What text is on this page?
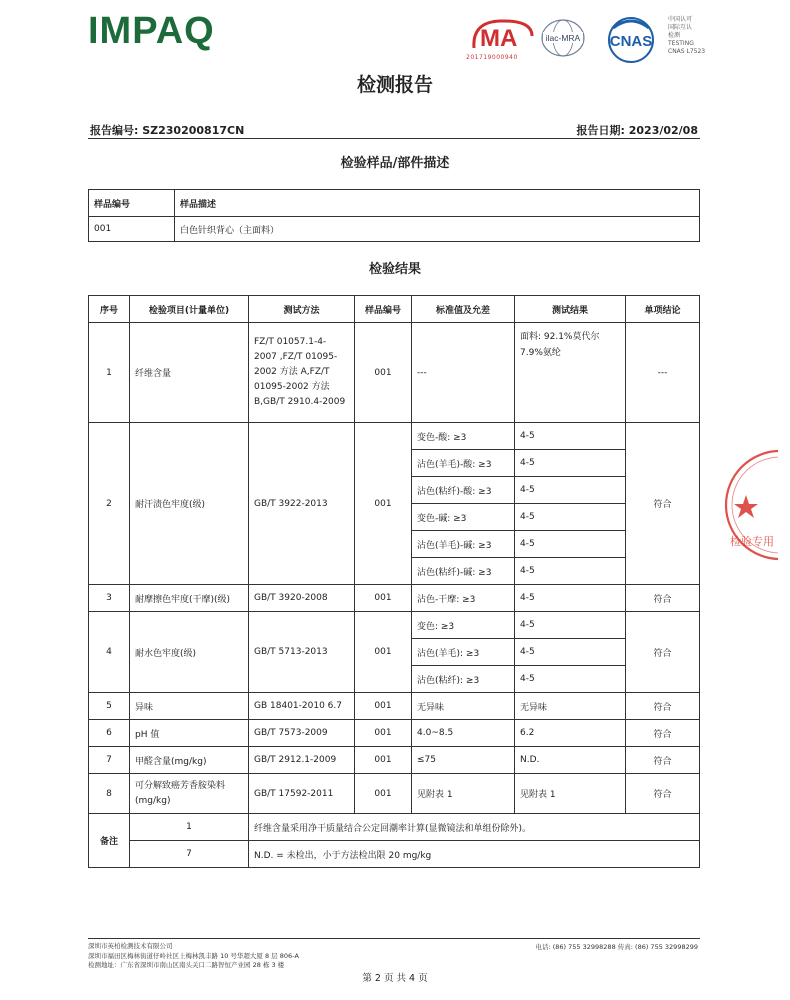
IMPAQ	MA
201719000940
ilac-MRA CNAS
中国认可
国际互认
检测
TESTING
CNAS L7523
检测报告
报告编号: SZ230200817CN	报告日期: 2023/02/08
检验样品/部件描述
样品编号	样品描述
001	白色针织背心（主面料）
检验结果
序号	检验项目(计量单位)	测试方法	样品编号	标准值及允差	测试结果	单项结论
1	纤维含量	FZ/T 01057.1-4-2007 ,FZ/T 01095-2002 方法 A,FZ/T 01095-2002 方法 B,GB/T 2910.4-2009	001	---	面料: 92.1%莫代尔 7.9%氨纶	---
2	耐汗渍色牢度(级)	GB/T 3922-2013	001	变色-酸: ≥3	4-5	符合
				沾色(羊毛)-酸: ≥3	4-5	
				沾色(粘纤)-酸: ≥3	4-5	
				变色-碱: ≥3	4-5	
				沾色(羊毛)-碱: ≥3	4-5	
				沾色(粘纤)-碱: ≥3	4-5	
3	耐摩擦色牢度(干摩)(级)	GB/T 3920-2008	001	沾色-干摩: ≥3	4-5	符合
4	耐水色牢度(级)	GB/T 5713-2013	001	变色: ≥3	4-5	符合
				沾色(羊毛): ≥3	4-5	
				沾色(粘纤): ≥3	4-5	
5	异味	GB 18401-2010 6.7	001	无异味	无异味	符合
6	pH 值	GB/T 7573-2009	001	4.0~8.5	6.2	符合
7	甲醛含量(mg/kg)	GB/T 2912.1-2009	001	≤75	N.D.	符合
8	可分解致癌芳香胺染料(mg/kg)	GB/T 17592-2011	001	见附表 1	见附表 1	符合
备注	1	纤维含量采用净干质量结合公定回潮率计算(显微镜法和单组份除外)。				
	7	N.D. = 未检出，小于方法检出限 20 mg/kg				
检验专用
深圳市英柏检测技术有限公司
深圳市福田区梅林街道仔岭社区上梅林凯丰路 10 号华超大厦 8 层 806-A
检测地址：广东省深圳市南山区南头关口二路智恒产业园 28 栋 3 楼
电话: (86) 755 32998288 传真: (86) 755 32998299
第 2 页 共 4 页
